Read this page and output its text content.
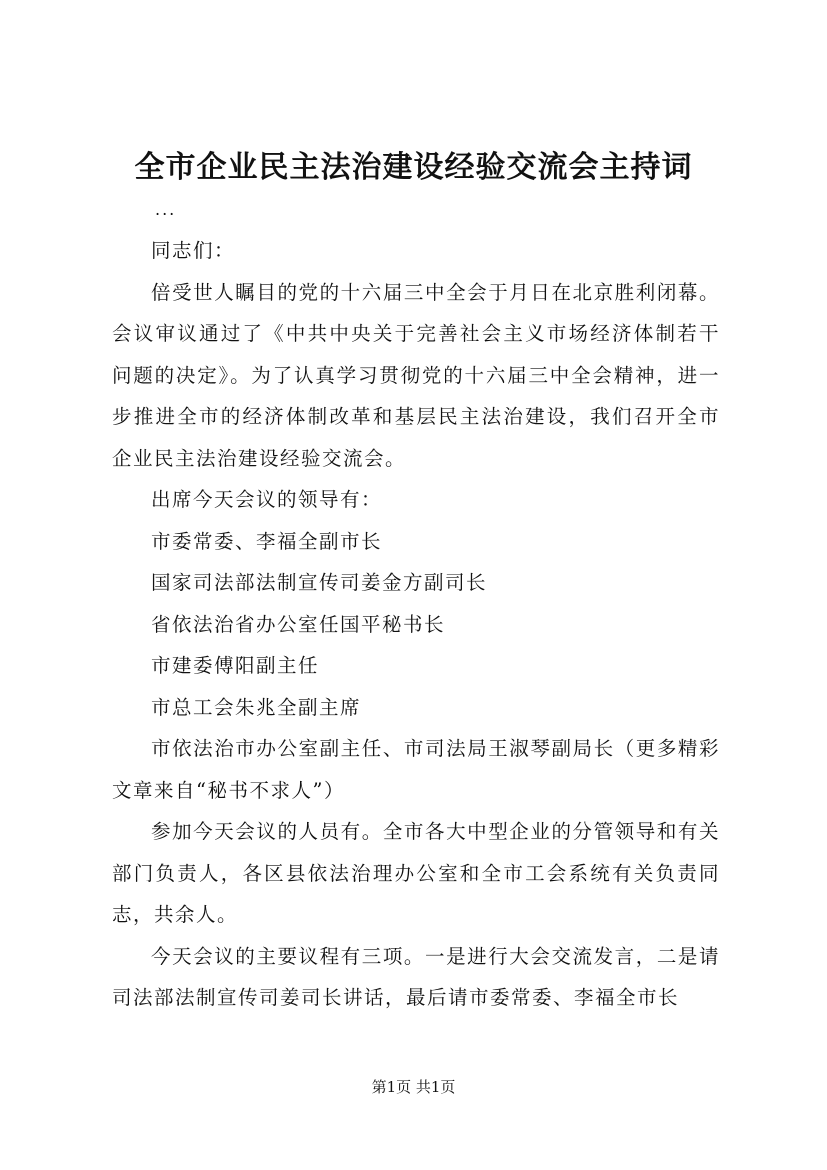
全市企业民主法治建设经验交流会主持词
...

同志们：

倍受世人瞩目的党的十六届三中全会于月日在北京胜利闭幕。会议审议通过了《中共中央关于完善社会主义市场经济体制若干问题的决定》。为了认真学习贯彻党的十六届三中全会精神，进一步推进全市的经济体制改革和基层民主法治建设，我们召开全市企业民主法治建设经验交流会。

出席今天会议的领导有：

市委常委、李福全副市长

国家司法部法制宣传司姜金方副司长

省依法治省办公室任国平秘书长

市建委傅阳副主任

市总工会朱兆全副主席

市依法治市办公室副主任、市司法局王淑琴副局长（更多精彩文章来自“秘书不求人”）

参加今天会议的人员有。全市各大中型企业的分管领导和有关部门负责人，各区县依法治理办公室和全市工会系统有关负责同志，共余人。

今天会议的主要议程有三项。一是进行大会交流发言，二是请司法部法制宣传司姜司长讲话，最后请市委常委、李福全市长

第1页 共1页
